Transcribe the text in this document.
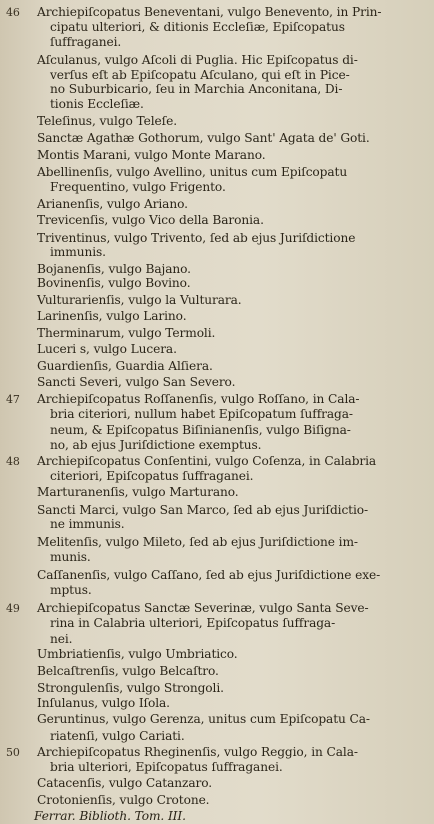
46 Archiepiſcopatus Beneventani, vulgo Benevento, in Prin-
cipatu ulteriori, & ditionis Eccleſiæ, Epiſcopatus
ſuffraganei.
Aſculanus, vulgo Aſcoli di Puglia. Hic Epiſcopatus di-
verſus eſt ab Epiſcopatu Aſculano, qui eſt in Pice-
no Suburbicario, ſeu in Marchia Anconitana, Di-
tionis Eccleſiæ.
Teleſinus, vulgo Teleſe.
Sanctæ Agathæ Gothorum, vulgo Sant' Agata de' Goti.
Montis Marani, vulgo Monte Marano.
Abellinenſis, vulgo Avellino, unitus cum Epiſcopatu
Frequentino, vulgo Frigento.
Arianenſis, vulgo Ariano.
Trevicenſis, vulgo Vico della Baronia.
Triventinus, vulgo Trivento, ſed ab ejus Juriſdictione
immunis.
Bojanenſis, vulgo Bajano.
Bovinenſis, vulgo Bovino.
Vulturarienſis, vulgo la Vulturara.
Larinenſis, vulgo Larino.
Therminarum, vulgo Termoli.
Luceri s, vulgo Lucera.
Guardienſis, Guardia Alſiera.
Sancti Severi, vulgo San Severo.
47 Archiepiſcopatus Roſſanenſis, vulgo Roſſano, in Cala-
bria citeriori, nullum habet Epiſcopatum ſuffraga-
neum, & Epiſcopatus Biſinianenſis, vulgo Biſigna-
no, ab ejus Juriſdictione exemptus.
48 Archiepiſcopatus Conſentini, vulgo Coſenza, in Calabria
citeriori, Epiſcopatus ſuffraganei.
Marturanenſis, vulgo Marturano.
Sancti Marci, vulgo San Marco, ſed ab ejus Juriſdictio-
ne immunis.
Melitenſis, vulgo Mileto, ſed ab ejus Juriſdictione im-
munis.
Caſſanenſis, vulgo Caſſano, ſed ab ejus Juriſdictione exe-
mptus.
49 Archiepiſcopatus Sanctæ Severinæ, vulgo Santa Seve-
rina in Calabria ulteriori, Epiſcopatus ſuffraga-
nei.
Umbriatienſis, vulgo Umbriatico.
Belcaſtrenſis, vulgo Belcaſtro.
Strongulenſis, vulgo Strongoli.
Inſulanus, vulgo Iſola.
Geruntinus, vulgo Gerenza, unitus cum Epiſcopatu Ca-
riatenſi, vulgo Cariati.
50 Archiepiſcopatus Rheginenſis, vulgo Reggio, in Cala-
bria ulteriori, Epiſcopatus ſuffraganei.
Catacenſis, vulgo Catanzaro.
Crotonienſis, vulgo Crotone.
Ferrar. Biblioth. Tom. III.
